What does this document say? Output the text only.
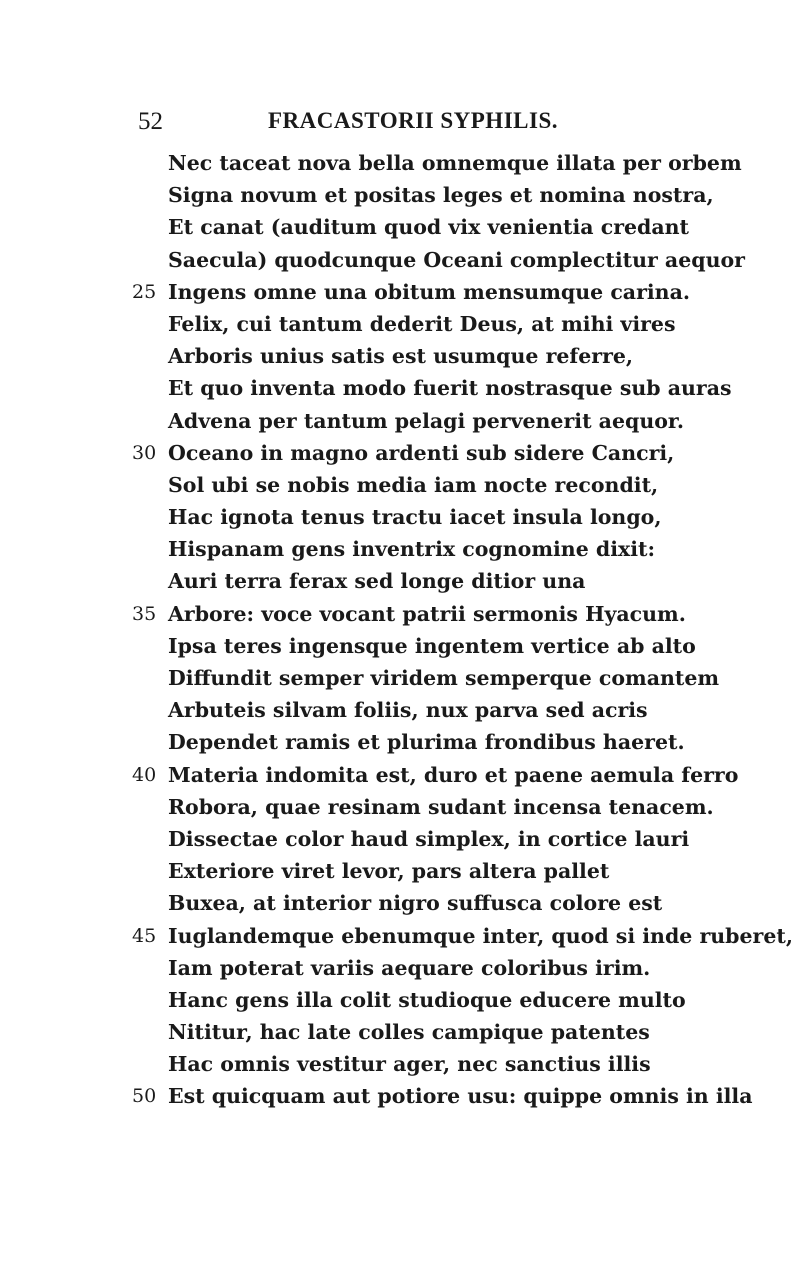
52	FRACASTORII SYPHILIS.
Nec taceat nova bella omnemque illata per orbem
Signa novum et positas leges et nomina nostra,
Et canat (auditum quod vix venientia credant
Saecula) quodcunque Oceani complectitur aequor
25 Ingens omne una obitum mensumque carina.
Felix, cui tantum dederit Deus, at mihi vires
Arboris unius satis est usumque referre,
Et quo inventa modo fuerit nostrasque sub auras
Advena per tantum pelagi pervenerit aequor.
30 Oceano in magno ardenti sub sidere Cancri,
Sol ubi se nobis media iam nocte recondit,
Hac ignota tenus tractu iacet insula longo,
Hispanam gens inventrix cognomine dixit:
Auri terra ferax sed longe ditior una
35 Arbore: voce vocant patrii sermonis Hyacum.
Ipsa teres ingensque ingentem vertice ab alto
Diffundit semper viridem semperque comantem
Arbuteis silvam foliis, nux parva sed acris
Dependet ramis et plurima frondibus haeret.
40 Materia indomita est, duro et paene aemula ferro
Robora, quae resinam sudant incensa tenacem.
Dissectae color haud simplex, in cortice lauri
Exteriore viret levor, pars altera pallet
Buxea, at interior nigro suffusca colore est
45 Iuglandemque ebenumque inter, quod si inde ruberet,
Iam poterat variis aequare coloribus irim.
Hanc gens illa colit studioque educere multo
Nititur, hac late colles campique patentes
Hac omnis vestitur ager, nec sanctius illis
50 Est quicquam aut potiore usu: quippe omnis in illa
